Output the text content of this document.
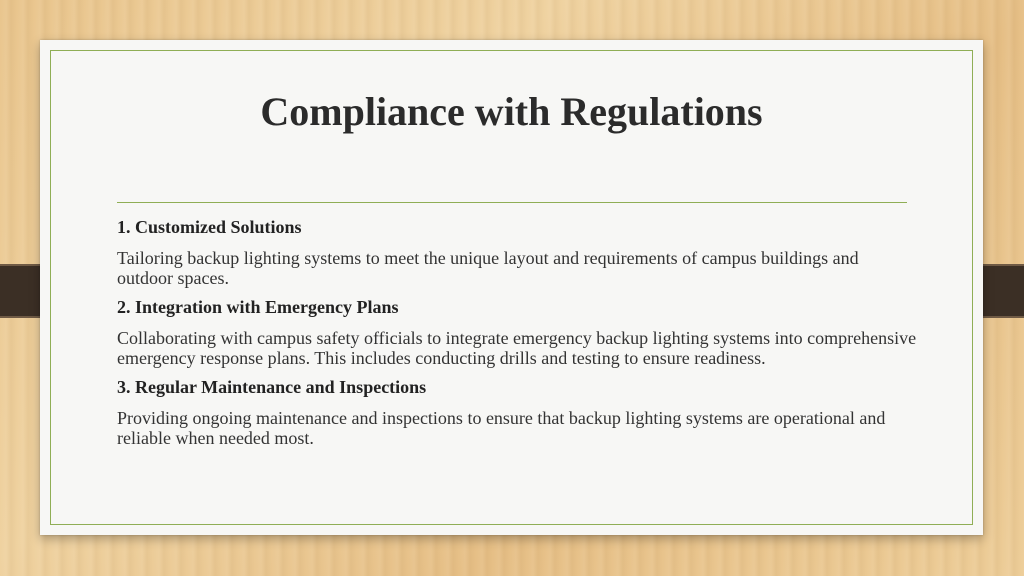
Compliance with Regulations

1. Customized Solutions

Tailoring backup lighting systems to meet the unique layout and requirements of campus buildings and outdoor spaces.

2. Integration with Emergency Plans

Collaborating with campus safety officials to integrate emergency backup lighting systems into comprehensive emergency response plans. This includes conducting drills and testing to ensure readiness.

3. Regular Maintenance and Inspections

Providing ongoing maintenance and inspections to ensure that backup lighting systems are operational and reliable when needed most.
